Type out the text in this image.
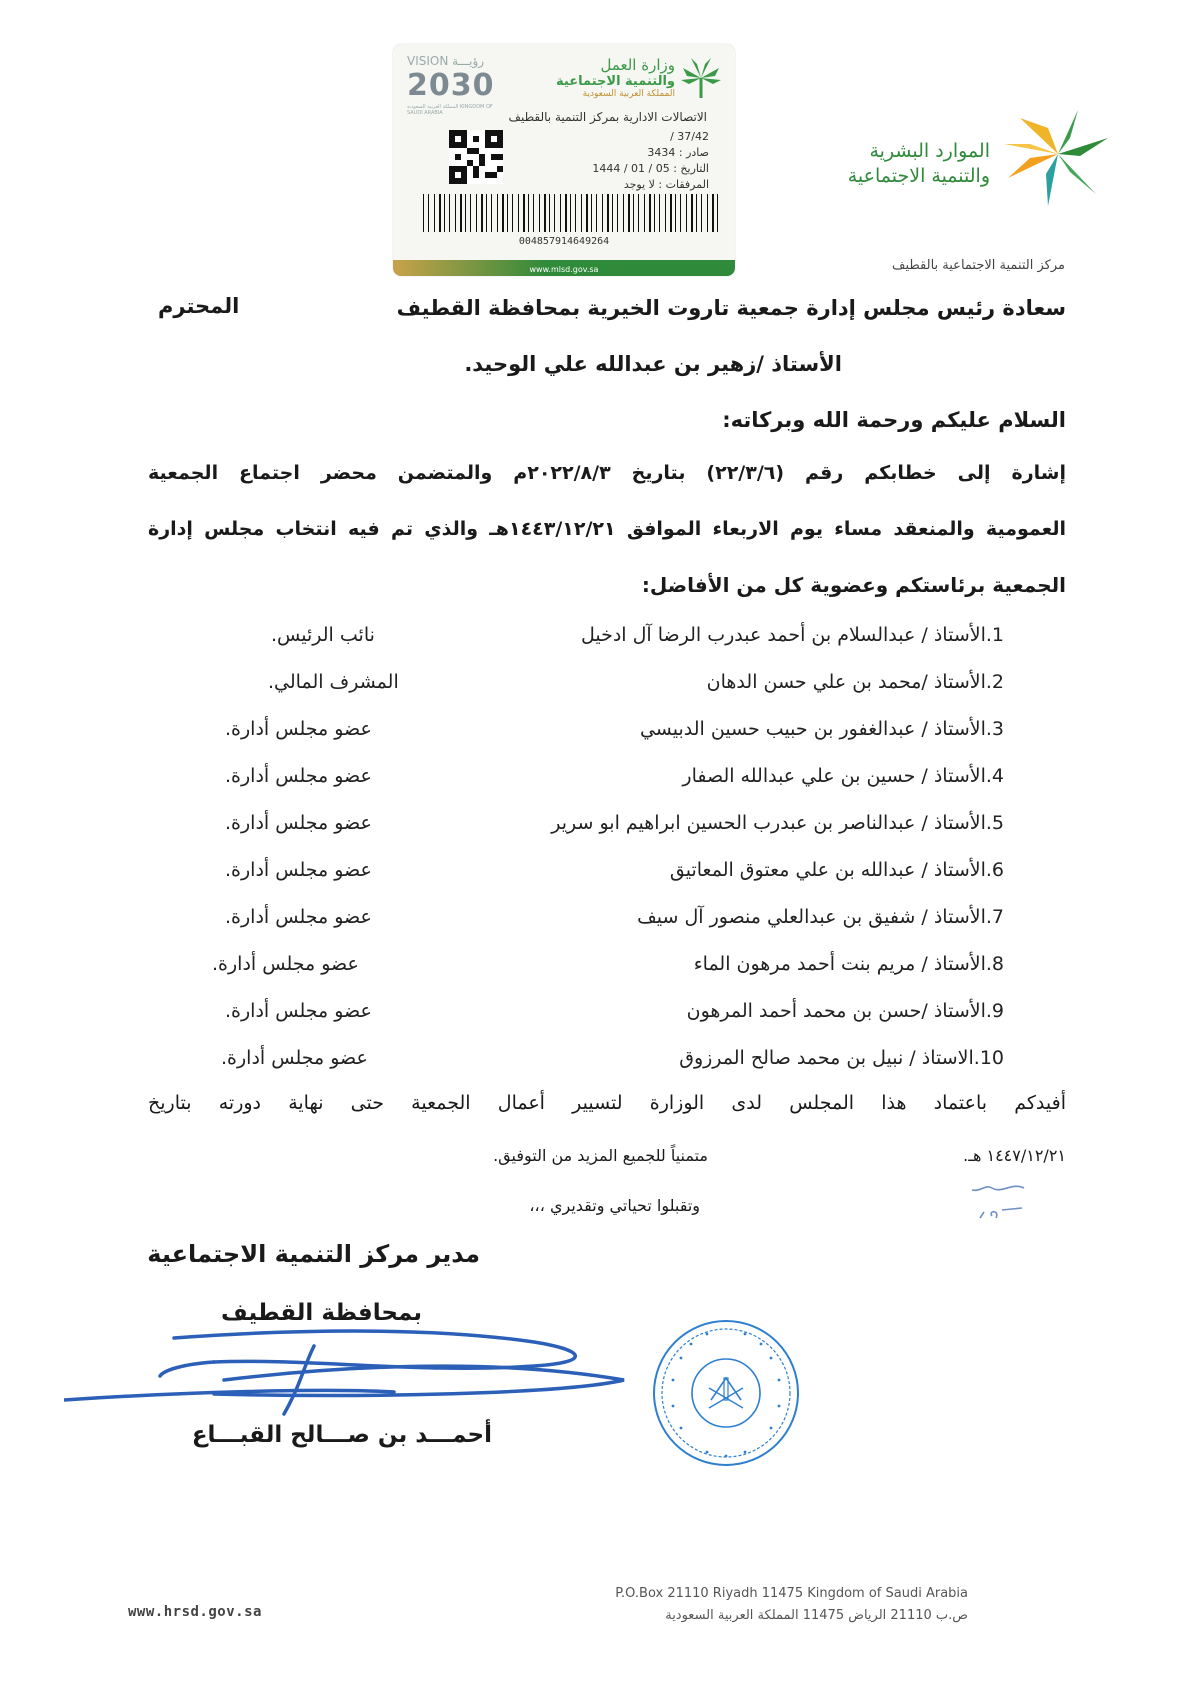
VISION رؤيـــة
2030
المملكة العربية السعودية KINGDOM OF SAUDI ARABIA
وزارة العمل
والتنمية الاجتماعية
المملكة العربية السعودية
الاتصالات الادارية بمركز التنمية بالقطيف
/ 37/42
صادر : 3434
التاريخ : 05 / 01 / 1444
المرفقات : لا يوجد
004857914649264
www.mlsd.gov.sa
الموارد البشرية
والتنمية الاجتماعية
مركز التنمية الاجتماعية بالقطيف
سعادة رئيس مجلس إدارة جمعية تاروت الخيرية بمحافظة القطيف
المحترم
الأستاذ /زهير بن عبدالله علي الوحيد.
السلام عليكم ورحمة الله وبركاته:
إشارة إلى خطابكم رقم (٢٢/٣/٦) بتاريخ ٢٠٢٢/٨/٣م والمتضمن محضر اجتماع الجمعية
العمومية والمنعقد مساء يوم الاربعاء الموافق ١٤٤٣/١٢/٢١هـ والذي تم فيه انتخاب مجلس إدارة
الجمعية برئاستكم وعضوية كل من الأفاضل:
1.الأستاذ / عبدالسلام بن أحمد عبدرب الرضا آل ادخيل
نائب الرئيس.
2.الأستاذ /محمد بن علي حسن الدهان
المشرف المالي.
3.الأستاذ / عبدالغفور بن حبيب حسين الدبيسي
عضو مجلس أدارة.
4.الأستاذ / حسين بن علي عبدالله الصفار
عضو مجلس أدارة.
5.الأستاذ / عبدالناصر بن عبدرب الحسين ابراهيم ابو سرير
عضو مجلس أدارة.
6.الأستاذ / عبدالله بن علي معتوق المعاتيق
عضو مجلس أدارة.
7.الأستاذ / شفيق بن عبدالعلي منصور آل سيف
عضو مجلس أدارة.
8.الأستاذ / مريم بنت أحمد مرهون الماء
عضو مجلس أدارة.
9.الأستاذ /حسن بن محمد أحمد المرهون
عضو مجلس أدارة.
10.الاستاذ / نبيل بن محمد صالح المرزوق
عضو مجلس أدارة.
أفيدكم باعتماد هذا المجلس لدى الوزارة لتسيير أعمال الجمعية حتى نهاية دورته بتاريخ
١٤٤٧/١٢/٢١ هـ.
متمنياً للجميع المزيد من التوفيق.
وتقبلوا تحياتي وتقديري ،،،
مدير مركز التنمية الاجتماعية
بمحافظة القطيف
أحمـــد بن صـــالح القبـــاع
www.hrsd.gov.sa
P.O.Box 21110 Riyadh 11475 Kingdom of Saudi Arabia
ص.ب 21110 الرياض 11475 المملكة العربية السعودية
